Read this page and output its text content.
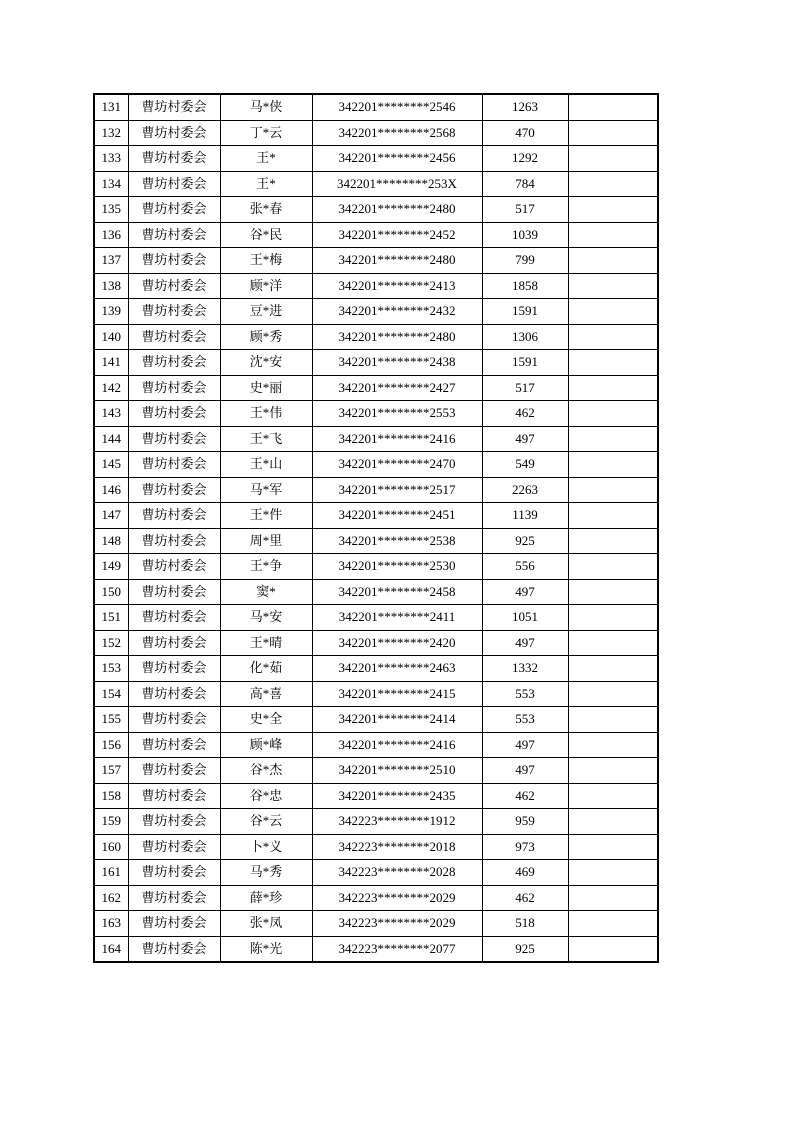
131	曹坊村委会	马*侠	342201********2546	1263	
132	曹坊村委会	丁*云	342201********2568	470	
133	曹坊村委会	王*	342201********2456	1292	
134	曹坊村委会	王*	342201********253X	784	
135	曹坊村委会	张*春	342201********2480	517	
136	曹坊村委会	谷*民	342201********2452	1039	
137	曹坊村委会	王*梅	342201********2480	799	
138	曹坊村委会	顾*洋	342201********2413	1858	
139	曹坊村委会	豆*进	342201********2432	1591	
140	曹坊村委会	顾*秀	342201********2480	1306	
141	曹坊村委会	沈*安	342201********2438	1591	
142	曹坊村委会	史*丽	342201********2427	517	
143	曹坊村委会	王*伟	342201********2553	462	
144	曹坊村委会	王*飞	342201********2416	497	
145	曹坊村委会	王*山	342201********2470	549	
146	曹坊村委会	马*军	342201********2517	2263	
147	曹坊村委会	王*件	342201********2451	1139	
148	曹坊村委会	周*里	342201********2538	925	
149	曹坊村委会	王*争	342201********2530	556	
150	曹坊村委会	窦*	342201********2458	497	
151	曹坊村委会	马*安	342201********2411	1051	
152	曹坊村委会	王*晴	342201********2420	497	
153	曹坊村委会	化*茹	342201********2463	1332	
154	曹坊村委会	高*喜	342201********2415	553	
155	曹坊村委会	史*全	342201********2414	553	
156	曹坊村委会	顾*峰	342201********2416	497	
157	曹坊村委会	谷*杰	342201********2510	497	
158	曹坊村委会	谷*忠	342201********2435	462	
159	曹坊村委会	谷*云	342223********1912	959	
160	曹坊村委会	卜*义	342223********2018	973	
161	曹坊村委会	马*秀	342223********2028	469	
162	曹坊村委会	薛*珍	342223********2029	462	
163	曹坊村委会	张*凤	342223********2029	518	
164	曹坊村委会	陈*光	342223********2077	925	
